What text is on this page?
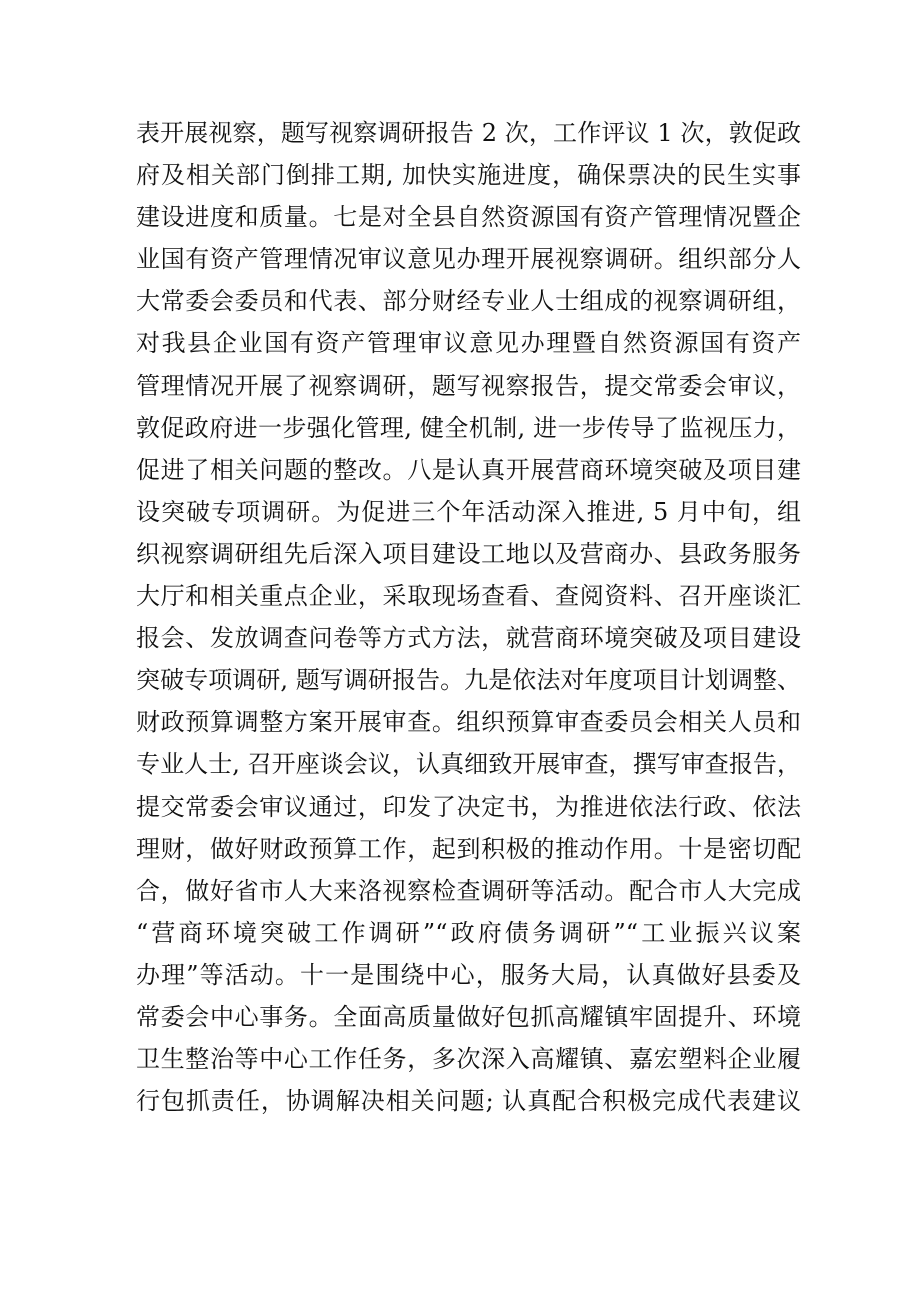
表开展视察，题写视察调研报告 2 次，工作评议 1 次，敦促政
府及相关部门倒排工期, 加快实施进度，确保票决的民生实事
建设进度和质量。七是对全县自然资源国有资产管理情况暨企
业国有资产管理情况审议意见办理开展视察调研。组织部分人
大常委会委员和代表、部分财经专业人士组成的视察调研组，
对我县企业国有资产管理审议意见办理暨自然资源国有资产
管理情况开展了视察调研，题写视察报告，提交常委会审议，
敦促政府进一步强化管理, 健全机制, 进一步传导了监视压力，
促进了相关问题的整改。八是认真开展营商环境突破及项目建
设突破专项调研。为促进三个年活动深入推进, 5 月中旬，组
织视察调研组先后深入项目建设工地以及营商办、县政务服务
大厅和相关重点企业，采取现场查看、查阅资料、召开座谈汇
报会、发放调查问卷等方式方法，就营商环境突破及项目建设
突破专项调研, 题写调研报告。九是依法对年度项目计划调整、
财政预算调整方案开展审查。组织预算审查委员会相关人员和
专业人士, 召开座谈会议，认真细致开展审查，撰写审查报告，
提交常委会审议通过，印发了决定书，为推进依法行政、依法
理财，做好财政预算工作，起到积极的推动作用。十是密切配
合，做好省市人大来洛视察检查调研等活动。配合市人大完成
“营商环境突破工作调研”“政府债务调研”“工业振兴议案
办理”等活动。十一是围绕中心，服务大局，认真做好县委及
常委会中心事务。全面高质量做好包抓高耀镇牢固提升、环境
卫生整治等中心工作任务，多次深入高耀镇、嘉宏塑料企业履
行包抓责任，协调解决相关问题; 认真配合积极完成代表建议
